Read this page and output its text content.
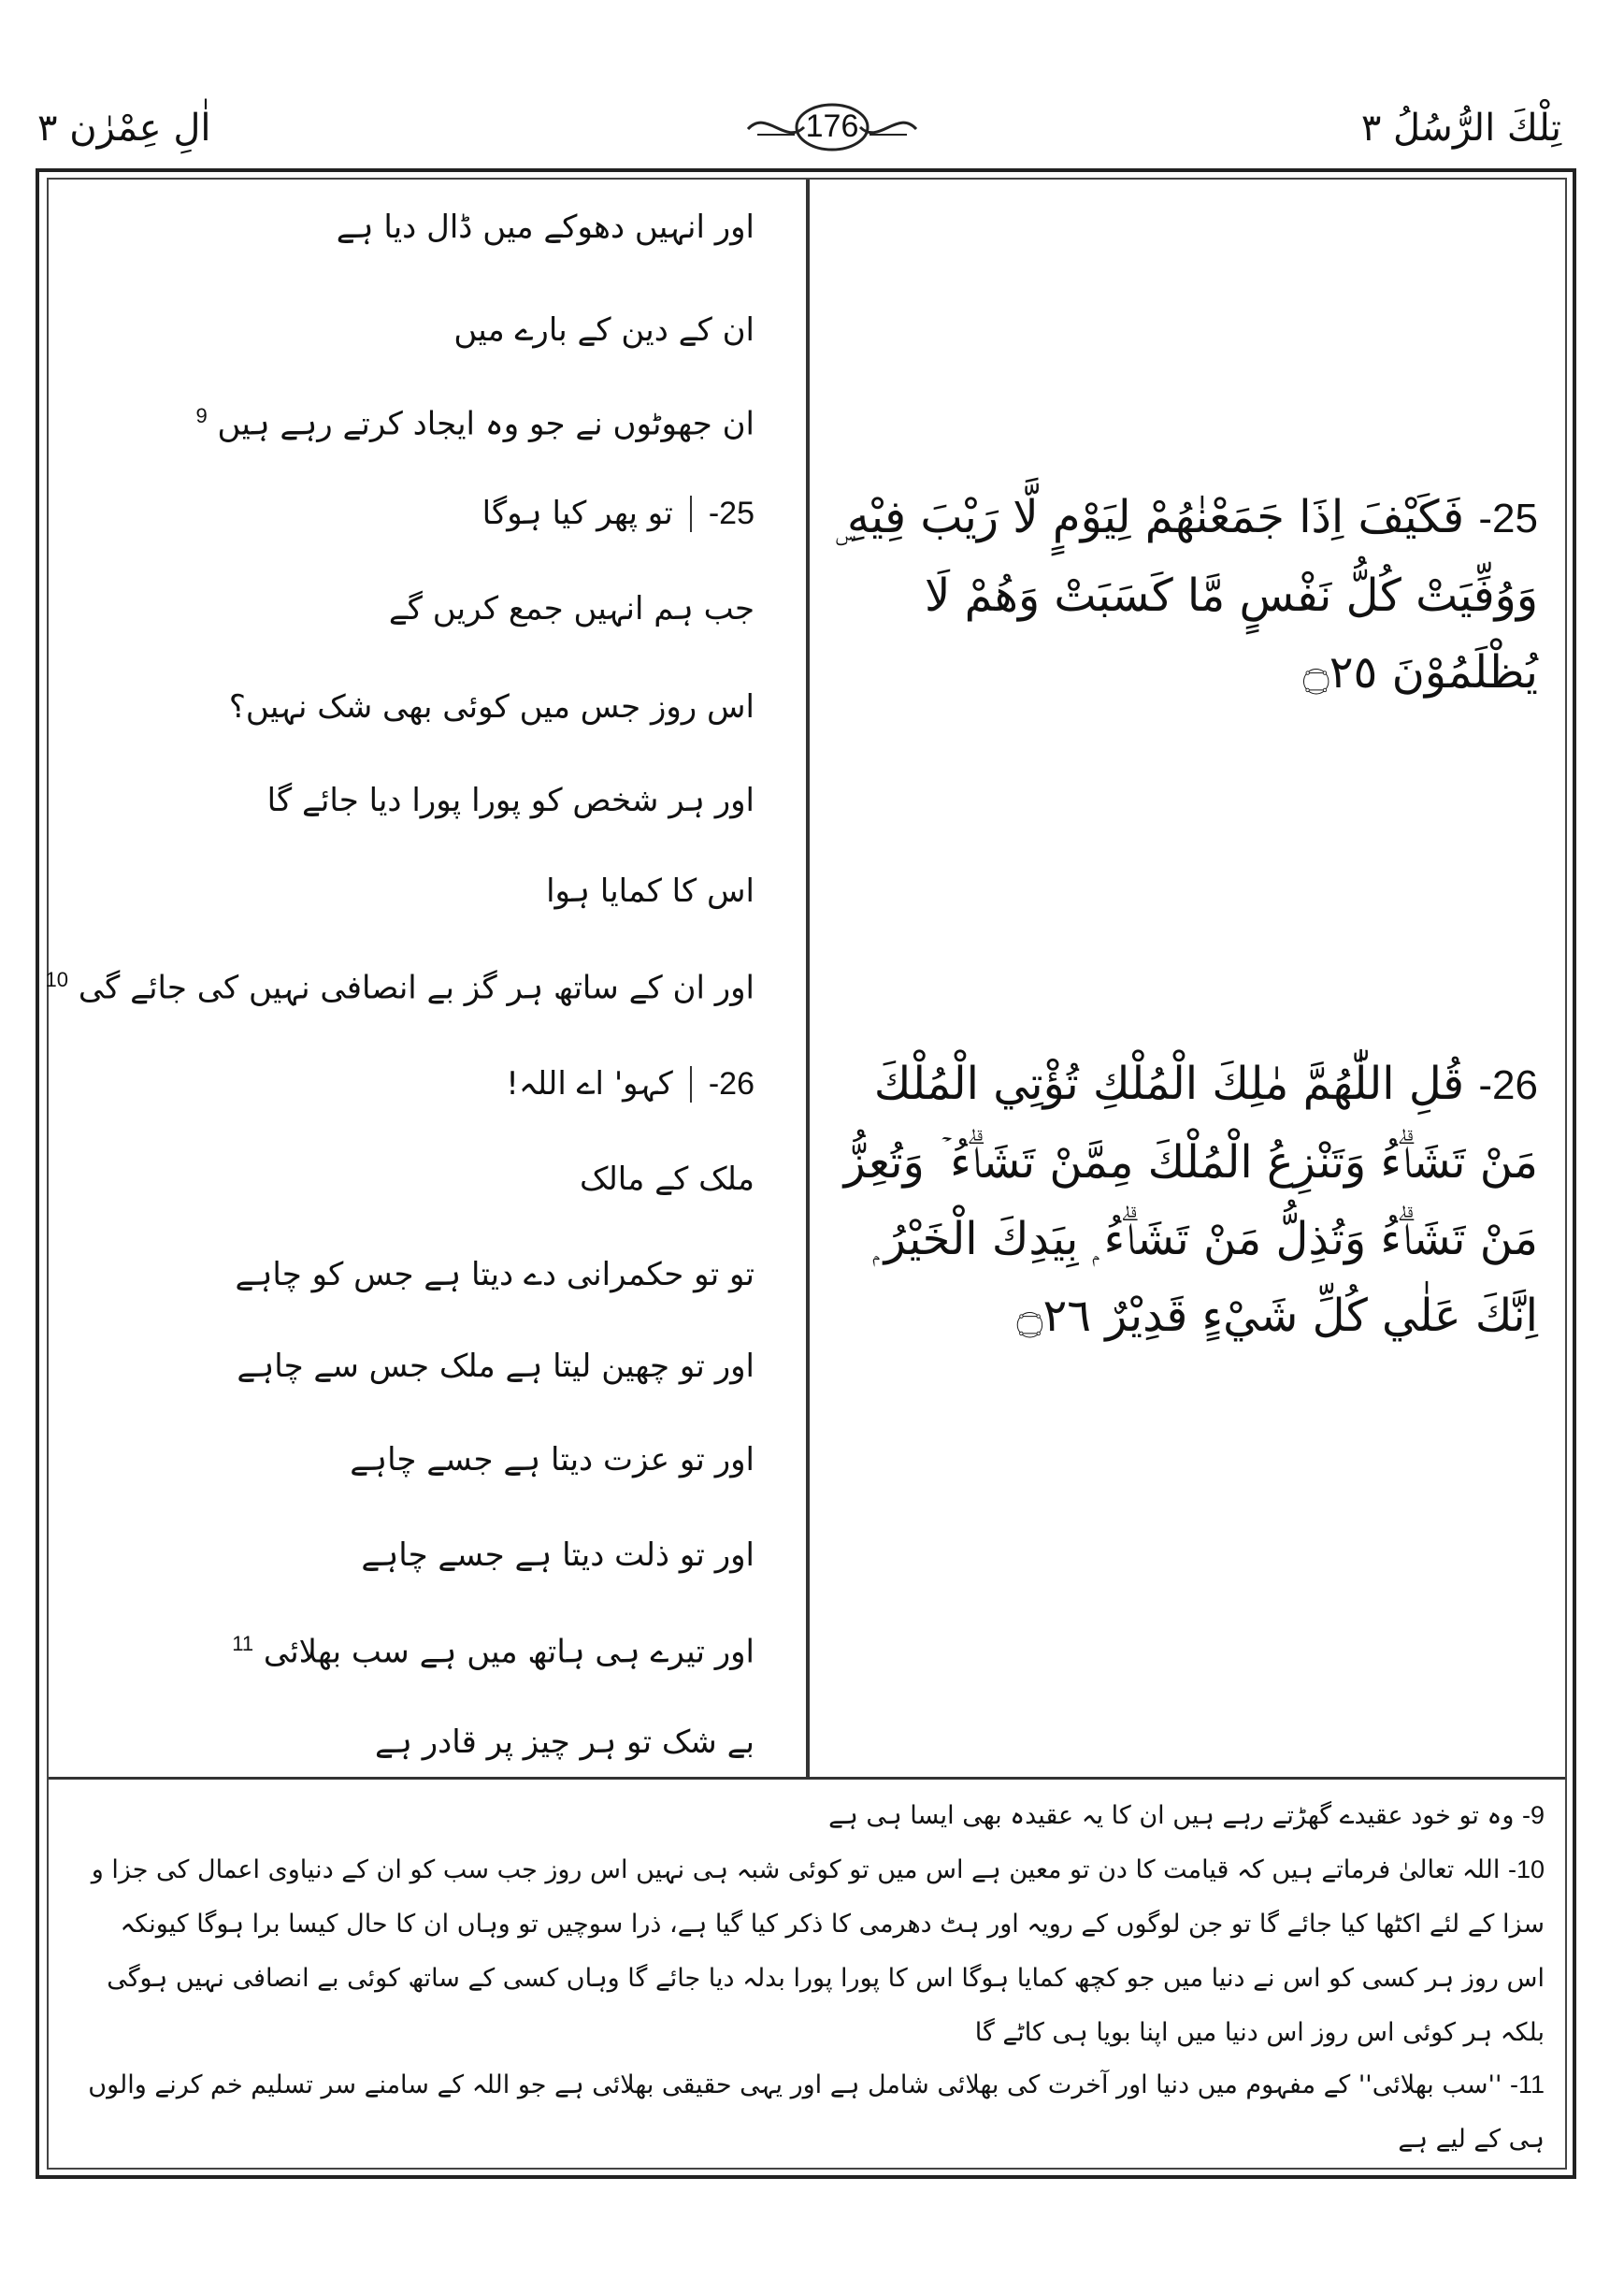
تِلْكَ الرُّسُلُ ٣
176
اٰلِ عِمْرٰن ٣
اور انہیں دھوکے میں ڈال دیا ہے
ان کے دین کے بارے میں
ان جھوٹوں نے جو وہ ایجاد کرتے رہے ہیں $^9$
25-تو پھر کیا ہوگا
جب ہم انہیں جمع کریں گے
اس روز جس میں کوئی بھی شک نہیں؟
اور ہر شخص کو پورا پورا دیا جائے گا
اس کا کمایا ہوا
اور ان کے ساتھ ہر گز بے انصافی نہیں کی جائے گی $^{10}$
26-کہو' اے اللہ!
ملک کے مالک
تو تو حکمرانی دے دیتا ہے جس کو چاہے
اور تو چھین لیتا ہے ملک جس سے چاہے
اور تو عزت دیتا ہے جسے چاہے
اور تو ذلت دیتا ہے جسے چاہے
اور تیرے ہی ہاتھ میں ہے سب بھلائی $^{11}$
بے شک تو ہر چیز پر قادر ہے
25- فَكَيْفَ اِذَا جَمَعْنٰهُمْ لِيَوْمٍ لَّا رَيْبَ فِيْهِ ۣ وَوُفِّيَتْ كُلُّ نَفْسٍ مَّا كَسَبَتْ وَھُمْ لَا يُظْلَمُوْنَ ۝٢٥
26- قُلِ اللّٰهُمَّ مٰلِكَ الْمُلْكِ تُؤْتِي الْمُلْكَ مَنْ تَشَاۗءُ وَتَنْزِعُ الْمُلْكَ مِمَّنْ تَشَاۗءُ ۡ وَتُعِزُّ مَنْ تَشَاۗءُ وَتُذِلُّ مَنْ تَشَاۗءُ ۭ بِيَدِكَ الْخَيْرُ ۭ اِنَّكَ عَلٰي كُلِّ شَيْءٍ قَدِيْرٌ ۝٢٦
9- وہ تو خود عقیدے گھڑتے رہے ہیں ان کا یہ عقیدہ بھی ایسا ہی ہے
10- اللہ تعالیٰ فرماتے ہیں کہ قیامت کا دن تو معین ہے اس میں تو کوئی شبہ ہی نہیں اس روز جب سب کو ان کے دنیاوی اعمال کی جزا و سزا کے لئے اکٹھا کیا جائے گا تو جن لوگوں کے رویہ اور ہٹ دھرمی کا ذکر کیا گیا ہے، ذرا سوچیں تو وہاں ان کا حال کیسا برا ہوگا کیونکہ اس روز ہر کسی کو اس نے دنیا میں جو کچھ کمایا ہوگا اس کا پورا پورا بدلہ دیا جائے گا وہاں کسی کے ساتھ کوئی بے انصافی نہیں ہوگی بلکہ ہر کوئی اس روز اس دنیا میں اپنا بویا ہی کاٹے گا
11- ''سب بھلائی'' کے مفہوم میں دنیا اور آخرت کی بھلائی شامل ہے اور یہی حقیقی بھلائی ہے جو اللہ کے سامنے سر تسلیم خم کرنے والوں ہی کے لیے ہے
